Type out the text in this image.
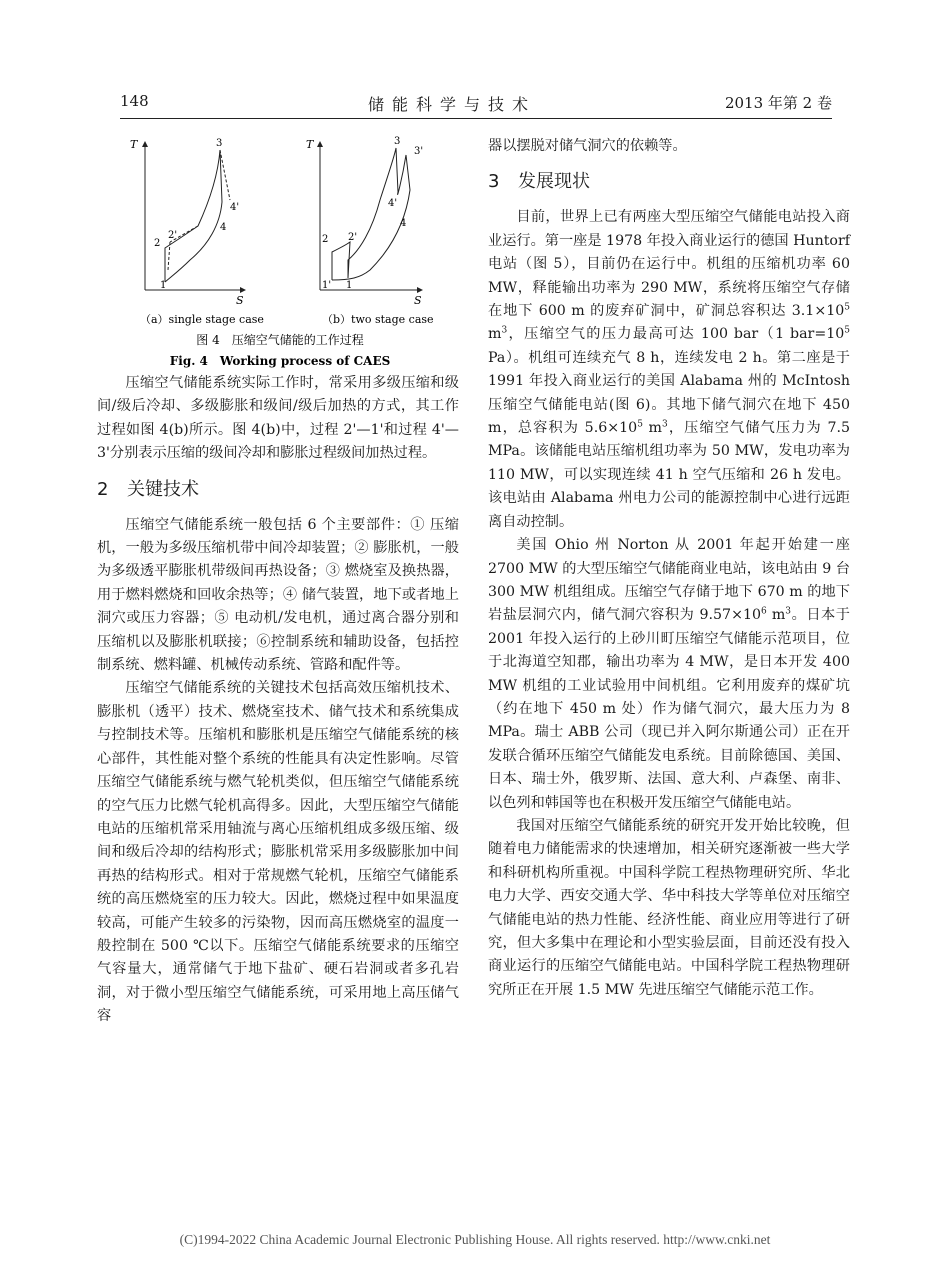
148	储能科学与技术	2013 年第 2 卷
T
S
1
2
2'
3
4
4'
（a）single stage case
T
S
1' 1
2 2'
3
3'
4
4'
（b）two stage case
图 4　压缩空气储能的工作过程
Fig. 4　Working process of CAES

压缩空气储能系统实际工作时，常采用多级压缩和级间/级后冷却、多级膨胀和级间/级后加热的方式，其工作过程如图 4(b)所示。图 4(b)中，过程 2'—1'和过程 4'—3'分别表示压缩的级间冷却和膨胀过程级间加热过程。

2 关键技术

压缩空气储能系统一般包括 6 个主要部件：① 压缩机，一般为多级压缩机带中间冷却装置；② 膨胀机，一般为多级透平膨胀机带级间再热设备；③ 燃烧室及换热器，用于燃料燃烧和回收余热等；④ 储气装置，地下或者地上洞穴或压力容器；⑤ 电动机/发电机，通过离合器分别和压缩机以及膨胀机联接；⑥控制系统和辅助设备，包括控制系统、燃料罐、机械传动系统、管路和配件等。

压缩空气储能系统的关键技术包括高效压缩机技术、膨胀机（透平）技术、燃烧室技术、储气技术和系统集成与控制技术等。压缩机和膨胀机是压缩空气储能系统的核心部件，其性能对整个系统的性能具有决定性影响。尽管压缩空气储能系统与燃气轮机类似，但压缩空气储能系统的空气压力比燃气轮机高得多。因此，大型压缩空气储能电站的压缩机常采用轴流与离心压缩机组成多级压缩、级间和级后冷却的结构形式；膨胀机常采用多级膨胀加中间再热的结构形式。相对于常规燃气轮机，压缩空气储能系统的高压燃烧室的压力较大。因此，燃烧过程中如果温度较高，可能产生较多的污染物，因而高压燃烧室的温度一般控制在 500 ℃以下。压缩空气储能系统要求的压缩空气容量大，通常储气于地下盐矿、硬石岩洞或者多孔岩洞，对于微小型压缩空气储能系统，可采用地上高压储气容

器以摆脱对储气洞穴的依赖等。

3 发展现状

目前，世界上已有两座大型压缩空气储能电站投入商业运行。第一座是 1978 年投入商业运行的德国 Huntorf 电站（图 5），目前仍在运行中。机组的压缩机功率 60 MW，释能输出功率为 290 MW，系统将压缩空气存储在地下 600 m 的废弃矿洞中，矿洞总容积达 $3.1\times 10^5$ $m^3$，压缩空气的压力最高可达 100 bar（1 $bar=10^5$ Pa）。机组可连续充气 8 h，连续发电 2 h。第二座是于 1991 年投入商业运行的美国 Alabama 州的 McIntosh 压缩空气储能电站(图 6)。其地下储气洞穴在地下 450 m，总容积为 $5.6\times 10^5$ $m^3$，压缩空气储气压力为 7.5 MPa。该储能电站压缩机组功率为 50 MW，发电功率为 110 MW，可以实现连续 41 h 空气压缩和 26 h 发电。该电站由 Alabama 州电力公司的能源控制中心进行远距离自动控制。

美国 Ohio 州 Norton 从 2001 年起开始建一座 2700 MW 的大型压缩空气储能商业电站，该电站由 9 台 300 MW 机组组成。压缩空气存储于地下 670 m 的地下岩盐层洞穴内，储气洞穴容积为 $9.57\times 10^6$ $m^3$。日本于 2001 年投入运行的上砂川町压缩空气储能示范项目，位于北海道空知郡，输出功率为 4 MW，是日本开发 400 MW 机组的工业试验用中间机组。它利用废弃的煤矿坑（约在地下 450 m 处）作为储气洞穴，最大压力为 8 MPa。瑞士 ABB 公司（现已并入阿尔斯通公司）正在开发联合循环压缩空气储能发电系统。目前除德国、美国、日本、瑞士外，俄罗斯、法国、意大利、卢森堡、南非、以色列和韩国等也在积极开发压缩空气储能电站。

我国对压缩空气储能系统的研究开发开始比较晚，但随着电力储能需求的快速增加，相关研究逐渐被一些大学和科研机构所重视。中国科学院工程热物理研究所、华北电力大学、西安交通大学、华中科技大学等单位对压缩空气储能电站的热力性能、经济性能、商业应用等进行了研究，但大多集中在理论和小型实验层面，目前还没有投入商业运行的压缩空气储能电站。中国科学院工程热物理研究所正在开展 1.5 MW 先进压缩空气储能示范工作。

(C)1994-2022 China Academic Journal Electronic Publishing House. All rights reserved. http://www.cnki.net
